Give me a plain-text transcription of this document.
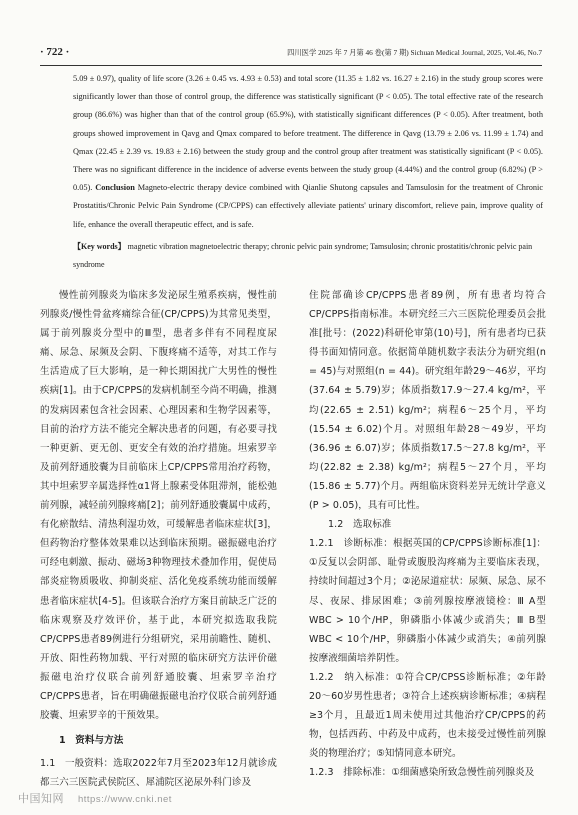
· 722 ·	四川医学 2025 年 7 月第 46 卷(第 7 期) Sichuan Medical Journal, 2025, Vol.46, No.7
5.09 ± 0.97), quality of life score (3.26 ± 0.45 vs. 4.93 ± 0.53) and total score (11.35 ± 1.82 vs. 16.27 ± 2.16) in the study group scores were significantly lower than those of control group, the difference was statistically significant (P < 0.05). The total effective rate of the research group (86.6%) was higher than that of the control group (65.9%), with statistically significant differences (P < 0.05). After treatment, both groups showed improvement in Qavg and Qmax compared to before treatment. The difference in Qavg (13.79 ± 2.06 vs. 11.99 ± 1.74) and Qmax (22.45 ± 2.39 vs. 19.83 ± 2.16) between the study group and the control group after treatment was statistically significant (P < 0.05). There was no significant difference in the incidence of adverse events between the study group (4.44%) and the control group (6.82%) (P > 0.05). Conclusion Magneto-electric therapy device combined with Qianlie Shutong capsules and Tamsulosin for the treatment of Chronic Prostatitis/Chronic Pelvic Pain Syndrome (CP/CPPS) can effectively alleviate patients' urinary discomfort, relieve pain, improve quality of life, enhance the overall therapeutic effect, and is safe.
【Key words】 magnetic vibration magnetoelectric therapy; chronic pelvic pain syndrome; Tamsulosin; chronic prostatitis/chronic pelvic pain syndrome

慢性前列腺炎为临床多发泌尿生殖系疾病，慢性前列腺炎/慢性骨盆疼痛综合征(CP/CPPS)为其常见类型，属于前列腺炎分型中的Ⅲ型，患者多伴有不同程度尿痛、尿急、尿频及会阴、下腹疼痛不适等，对其工作与生活造成了巨大影响，是一种长期困扰广大男性的慢性疾病[1]。由于CP/CPPS的发病机制至今尚不明确，推测的发病因素包含社会因素、心理因素和生物学因素等，目前的治疗方法不能完全解决患者的问题，有必要寻找一种更新、更无创、更安全有效的治疗措施。坦索罗辛及前列舒通胶囊为目前临床上CP/CPPS常用治疗药物，其中坦索罗辛属选择性α1肾上腺素受体阻滞剂，能松弛前列腺，减轻前列腺疼痛[2]；前列舒通胶囊属中成药，有化瘀散结、清热利湿功效，可缓解患者临床症状[3]，但药物治疗整体效果难以达到临床预期。磁振磁电治疗可经电刺激、振动、磁场3种物理技术叠加作用，促使局部炎症物质吸收、抑制炎症、活化免疫系统功能而缓解患者临床症状[4-5]。但该联合治疗方案目前缺乏广泛的临床观察及疗效评价，基于此，本研究拟选取我院CP/CPPS患者89例进行分组研究，采用前瞻性、随机、开放、阳性药物加载、平行对照的临床研究方法评价磁振磁电治疗仪联合前列舒通胶囊、坦索罗辛治疗CP/CPPS患者，旨在明确磁振磁电治疗仪联合前列舒通胶囊、坦索罗辛的干预效果。

1　资料与方法

1.1　一般资料：选取2022年7月至2023年12月就诊成都三六三医院武侯院区、犀浦院区泌尿外科门诊及

住院部确诊CP/CPPS患者89例，所有患者均符合CP/CPPS指南标准。本研究经三六三医院伦理委员会批准[批号：(2022)科研伦审第(10)号]，所有患者均已获得书面知情同意。依据简单随机数字表法分为研究组(n = 45)与对照组(n = 44)。研究组年龄29～46岁，平均(37.64 ± 5.79)岁；体质指数17.9～27.4 kg/m²，平均(22.65 ± 2.51) kg/m²；病程6～25个月，平均(15.54 ± 6.02)个月。对照组年龄28～49岁，平均(36.96 ± 6.07)岁；体质指数17.5～27.8 kg/m²，平均(22.82 ± 2.38) kg/m²；病程5～27个月，平均(15.86 ± 5.77)个月。两组临床资料差异无统计学意义(P > 0.05)，具有可比性。

1.2　选取标准

1.2.1　诊断标准：根据英国的CP/CPPS诊断标准[1]：①反复以会阴部、耻骨或腹股沟疼痛为主要临床表现，持续时间超过3个月；②泌尿道症状：尿频、尿急、尿不尽、夜尿、排尿困难；③前列腺按摩液镜检：Ⅲ A型WBC > 10个/HP，卵磷脂小体减少或消失；Ⅲ B型WBC < 10个/HP，卵磷脂小体减少或消失；④前列腺按摩液细菌培养阴性。

1.2.2　纳入标准：①符合CP/CPSS诊断标准；②年龄20～60岁男性患者；③符合上述疾病诊断标准；④病程≥3个月，且最近1周未使用过其他治疗CP/CPPS的药物，包括西药、中药及中成药，也未接受过慢性前列腺炎的物理治疗；⑤知情同意本研究。

1.2.3　排除标准：①细菌感染所致急慢性前列腺炎及

中国知网 https://www.cnki.net
